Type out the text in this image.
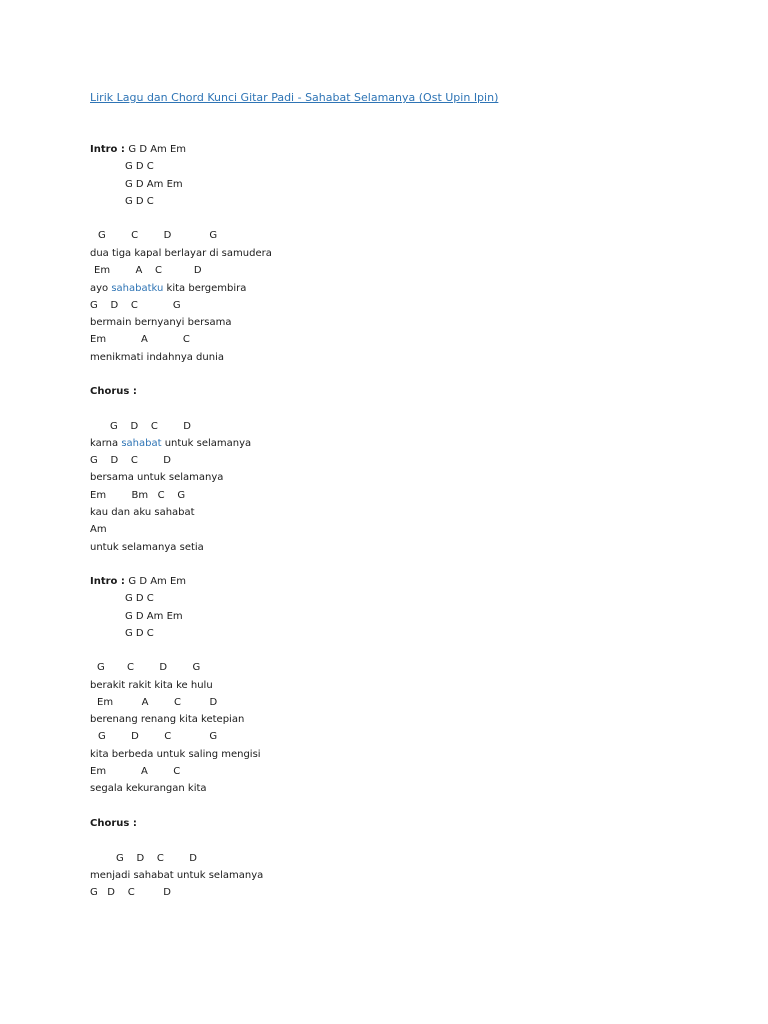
Lirik Lagu dan Chord Kunci Gitar Padi - Sahabat Selamanya (Ost Upin Ipin)
Intro : G D Am Em
G D C
G D Am Em
G D C
G        C        D            G
dua tiga kapal berlayar di samudera
Em        A    C          D
ayo sahabatku kita bergembira
G    D    C           G
bermain bernyanyi bersama
Em           A           C
menikmati indahnya dunia
Chorus :
G    D    C        D
karna sahabat untuk selamanya
G    D    C        D
bersama untuk selamanya
Em        Bm   C    G
kau dan aku sahabat
Am
untuk selamanya setia
Intro : G D Am Em
G D C
G D Am Em
G D C
G       C        D        G
berakit rakit kita ke hulu
Em         A        C         D
berenang renang kita ketepian
G        D        C            G
kita berbeda untuk saling mengisi
Em           A        C
segala kekurangan kita
Chorus :
G    D    C        D
menjadi sahabat untuk selamanya
G   D    C         D
